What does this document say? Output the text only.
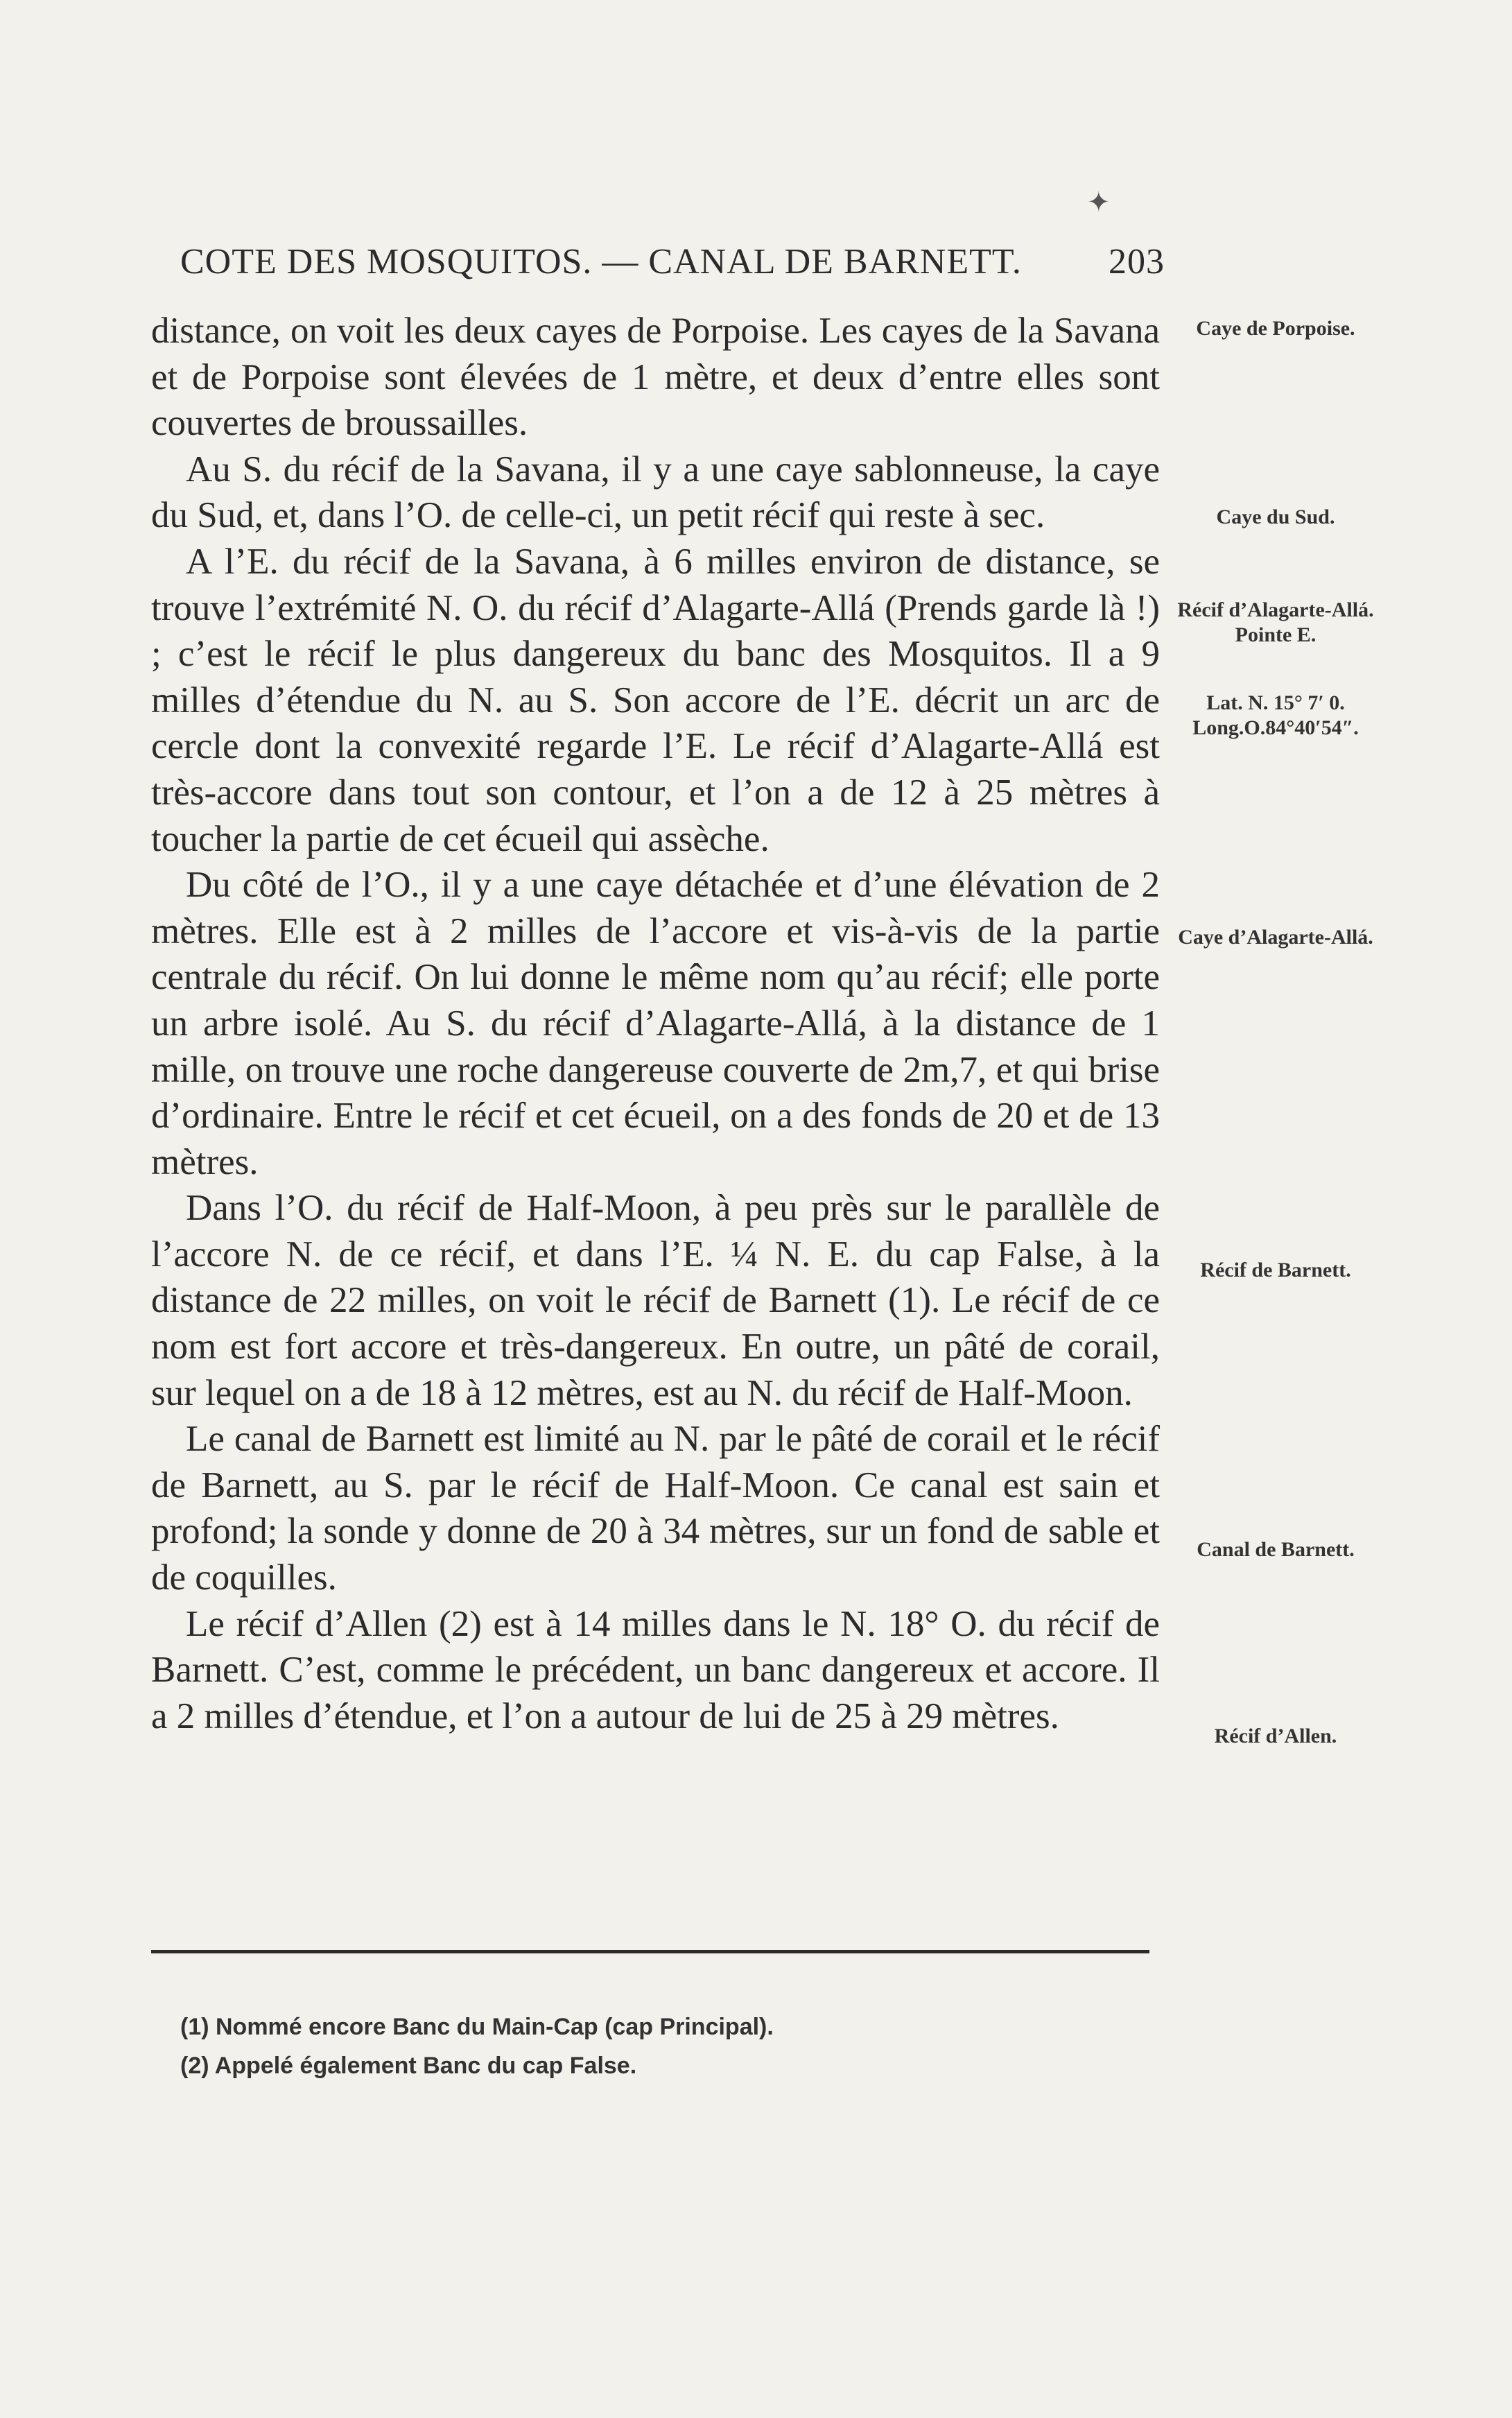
✦
COTE DES MOSQUITOS. — CANAL DE BARNETT. 203

distance, on voit les deux cayes de Porpoise. Les cayes de la Savana et de Porpoise sont élevées de 1 mètre, et deux d’entre elles sont couvertes de broussailles.

Au S. du récif de la Savana, il y a une caye sablonneuse, la caye du Sud, et, dans l’O. de celle-ci, un petit récif qui reste à sec.

A l’E. du récif de la Savana, à 6 milles environ de distance, se trouve l’extrémité N. O. du récif d’Alagarte-Allá (Prends garde là !) ; c’est le récif le plus dangereux du banc des Mosquitos. Il a 9 milles d’étendue du N. au S. Son accore de l’E. décrit un arc de cercle dont la convexité regarde l’E. Le récif d’Alagarte-Allá est très-accore dans tout son contour, et l’on a de 12 à 25 mètres à toucher la partie de cet écueil qui assèche.

Du côté de l’O., il y a une caye détachée et d’une élévation de 2 mètres. Elle est à 2 milles de l’accore et vis-à-vis de la partie centrale du récif. On lui donne le même nom qu’au récif; elle porte un arbre isolé. Au S. du récif d’Alagarte-Allá, à la distance de 1 mille, on trouve une roche dangereuse couverte de 2m,7, et qui brise d’ordinaire. Entre le récif et cet écueil, on a des fonds de 20 et de 13 mètres.

Dans l’O. du récif de Half-Moon, à peu près sur le parallèle de l’accore N. de ce récif, et dans l’E. ¼ N. E. du cap False, à la distance de 22 milles, on voit le récif de Barnett (1). Le récif de ce nom est fort accore et très-dangereux. En outre, un pâté de corail, sur lequel on a de 18 à 12 mètres, est au N. du récif de Half-Moon.

Le canal de Barnett est limité au N. par le pâté de corail et le récif de Barnett, au S. par le récif de Half-Moon. Ce canal est sain et profond; la sonde y donne de 20 à 34 mètres, sur un fond de sable et de coquilles.

Le récif d’Allen (2) est à 14 milles dans le N. 18° O. du récif de Barnett. C’est, comme le précédent, un banc dangereux et accore. Il a 2 milles d’étendue, et l’on a autour de lui de 25 à 29 mètres.

Caye de Porpoise.
Caye du Sud.
Récif d’Alagarte-Allá. Pointe E.
Lat. N. 15° 7′ 0. Long.O.84°40′54″.
Caye d’Alagarte-Allá.
Récif de Barnett.
Canal de Barnett.
Récif d’Allen.
(1) Nommé encore Banc du Main-Cap (cap Principal).
(2) Appelé également Banc du cap False.
